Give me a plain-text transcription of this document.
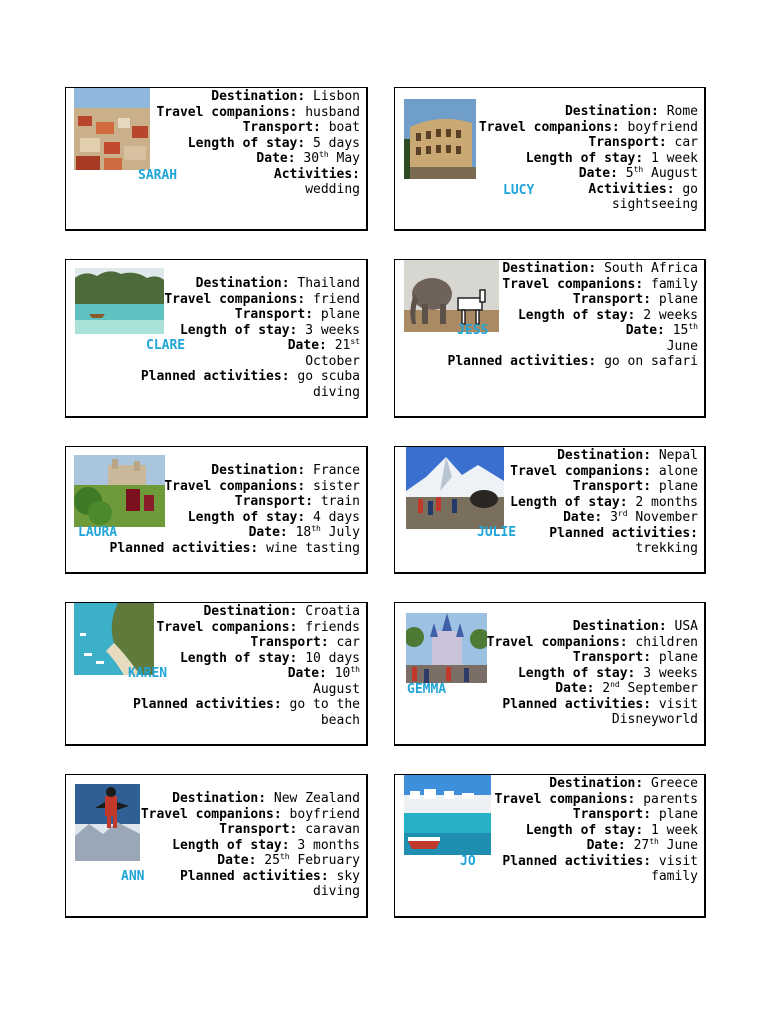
SARAH
Destination: Lisbon
Travel companions: husband
Transport: boat
Length of stay: 5 days
Date: 30th May
Activities:
wedding	LUCY
Destination: Rome
Travel companions: boyfriend
Transport: car
Length of stay: 1 week
Date: 5th August
Activities: go
sightseeing
CLARE
Destination: Thailand
Travel companions: friend
Transport: plane
Length of stay: 3 weeks
Date: 21st
October
Planned activities: go scuba
diving
JESS
Destination: South Africa
Travel companions: family
Transport: plane
Length of stay: 2 weeks
Date: 15th
June
Planned activities: go on safari
LAURA
Destination: France
Travel companions: sister
Transport: train
Length of stay: 4 days
Date: 18th July
Planned activities: wine tasting
JULIE
Destination: Nepal
Travel companions: alone
Transport: plane
Length of stay: 2 months
Date: 3rd November
Planned activities:
trekking
KAREN
Destination: Croatia
Travel companions: friends
Transport: car
Length of stay: 10 days
Date: 10th
August
Planned activities: go to the
beach
GEMMA
Destination: USA
Travel companions: children
Transport: plane
Length of stay: 3 weeks
Date: 2nd September
Planned activities: visit
Disneyworld
ANN
Destination: New Zealand
Travel companions: boyfriend
Transport: caravan
Length of stay: 3 months
Date: 25th February
Planned activities: sky
diving
JO
Destination: Greece
Travel companions: parents
Transport: plane
Length of stay: 1 week
Date: 27th June
Planned activities: visit
family
